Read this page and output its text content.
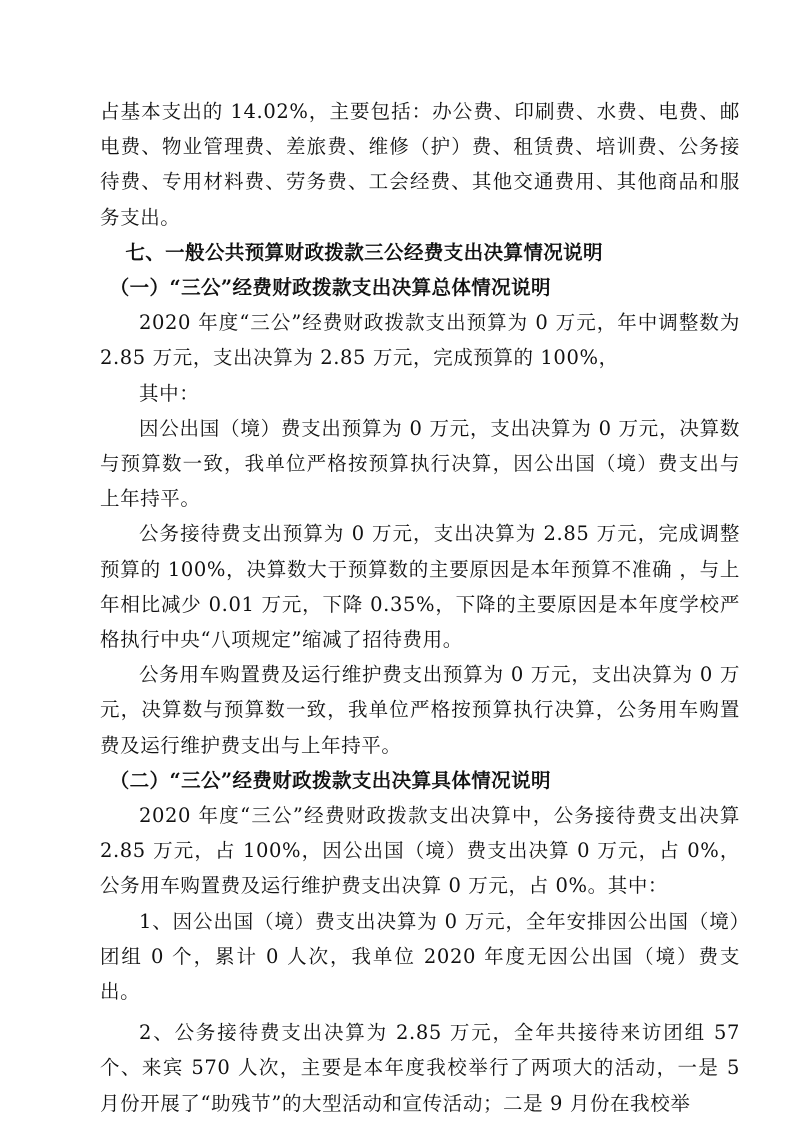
占基本支出的 14.02%，主要包括：办公费、印刷费、水费、电费、邮电费、物业管理费、差旅费、维修（护）费、租赁费、培训费、公务接待费、专用材料费、劳务费、工会经费、其他交通费用、其他商品和服务支出。

七、一般公共预算财政拨款三公经费支出决算情况说明

（一）“三公”经费财政拨款支出决算总体情况说明

2020 年度“三公”经费财政拨款支出预算为 0 万元，年中调整数为 2.85 万元，支出决算为 2.85 万元，完成预算的 100%，

其中：

因公出国（境）费支出预算为 0 万元，支出决算为 0 万元，决算数与预算数一致，我单位严格按预算执行决算，因公出国（境）费支出与上年持平。

公务接待费支出预算为 0 万元，支出决算为 2.85 万元，完成调整预算的 100%，决算数大于预算数的主要原因是本年预算不准确 ，与上年相比减少 0.01 万元，下降 0.35%，下降的主要原因是本年度学校严格执行中央“八项规定”缩减了招待费用。

公务用车购置费及运行维护费支出预算为 0 万元，支出决算为 0 万元，决算数与预算数一致，我单位严格按预算执行决算，公务用车购置费及运行维护费支出与上年持平。

（二）“三公”经费财政拨款支出决算具体情况说明

2020 年度“三公”经费财政拨款支出决算中，公务接待费支出决算 2.85 万元，占 100%，因公出国（境）费支出决算 0 万元，占 0%，公务用车购置费及运行维护费支出决算 0 万元，占 0%。其中：

1、因公出国（境）费支出决算为 0 万元，全年安排因公出国（境）团组 0 个，累计 0 人次，我单位 2020 年度无因公出国（境）费支出。

2、公务接待费支出决算为 2.85 万元，全年共接待来访团组 57 个、来宾 570 人次，主要是本年度我校举行了两项大的活动，一是 5 月份开展了“助残节”的大型活动和宣传活动；二是 9 月份在我校举
